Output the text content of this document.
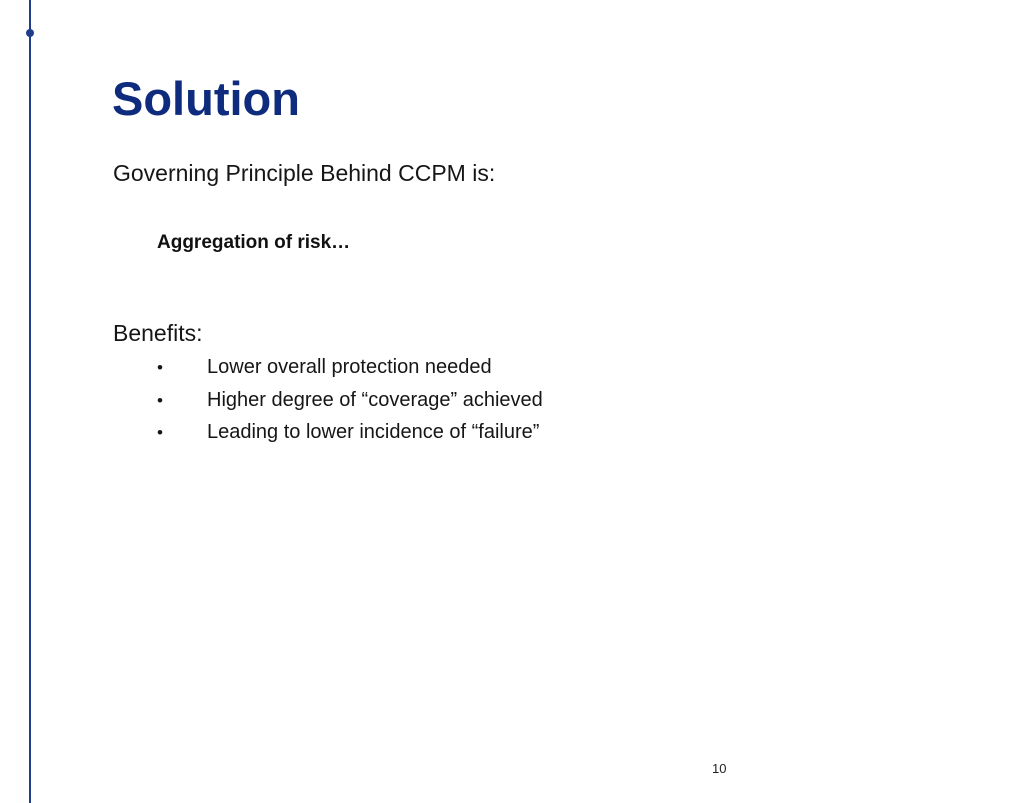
Solution
Governing Principle Behind CCPM is:
Aggregation of risk…
Benefits:
•	Lower overall protection needed
•	Higher degree of “coverage” achieved
•	Leading to lower incidence of “failure”
10
